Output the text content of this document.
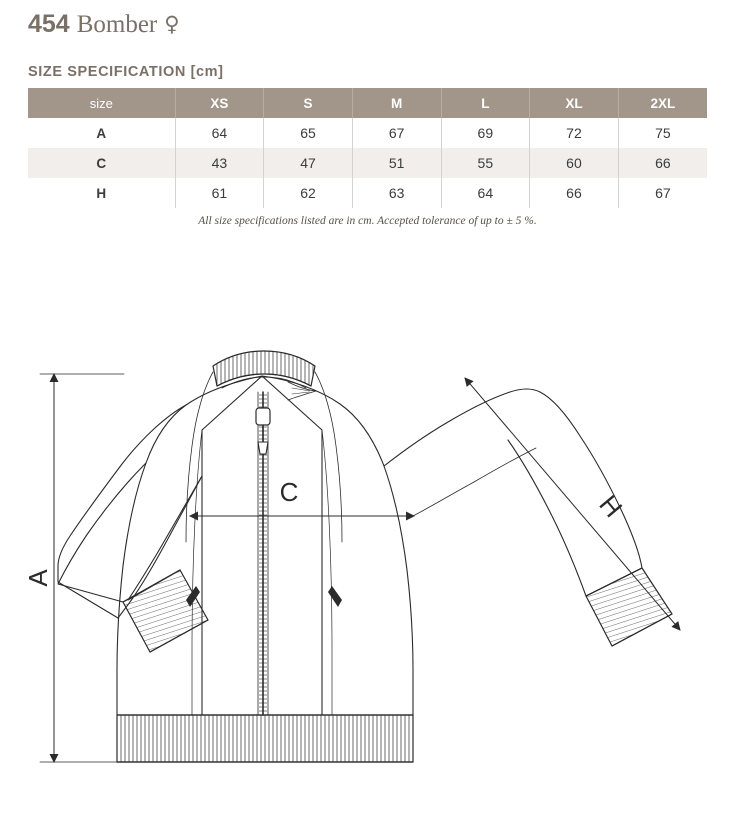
454 Bomber ♀
SIZE SPECIFICATION [cm]
size	XS	S	M	L	XL	2XL
A	64	65	67	69	72	75
C	43	47	51	55	60	66
H	61	62	63	64	66	67
All size specifications listed are in cm. Accepted tolerance of up to ± 5 %.
A
C	H
